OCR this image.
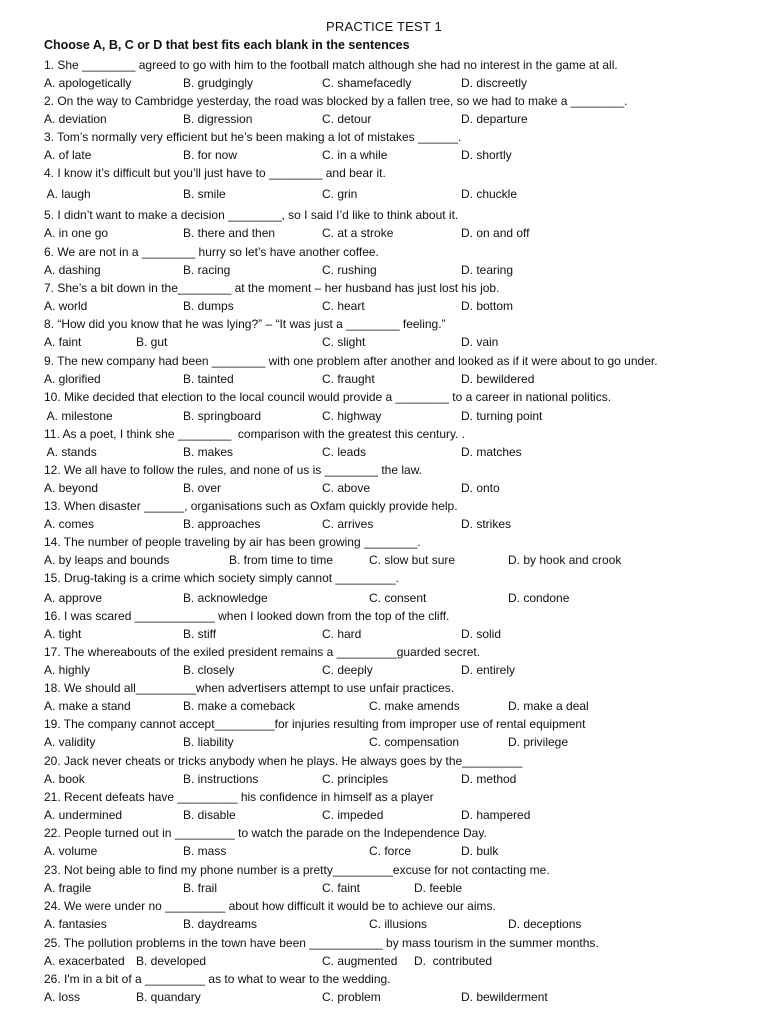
PRACTICE TEST 1
Choose A, B, C or D that best fits each blank in the sentences
1. She ________ agreed to go with him to the football match although she had no interest in the game at all.
A. apologetically	B. grudgingly	C. shamefacedly	D. discreetly
2. On the way to Cambridge yesterday, the road was blocked by a fallen tree, so we had to make a ________.
A. deviation	B. digression	C. detour	D. departure
3. Tom’s normally very efficient but he’s been making a lot of mistakes ______.
A. of late	B. for now	C. in a while	D. shortly
4. I know it’s difficult but you’ll just have to ________ and bear it.
A. laugh	B. smile	C. grin	D. chuckle
5. I didn’t want to make a decision ________, so I said I’d like to think about it.
A. in one go	B. there and then	C. at a stroke	D. on and off
6. We are not in a ________ hurry so let’s have another coffee.
A. dashing	B. racing	C. rushing	D. tearing
7. She’s a bit down in the________ at the moment – her husband has just lost his job.
A. world	B. dumps	C. heart	D. bottom
8. “How did you know that he was lying?” – “It was just a ________ feeling.”
A. faint	B. gut	C. slight	D. vain
9. The new company had been ________ with one problem after another and looked as if it were about to go under.
A. glorified	B. tainted	C. fraught	D. bewildered
10. Mike decided that election to the local council would provide a ________ to a career in national politics.
A. milestone	B. springboard	C. highway	D. turning point
11. As a poet, I think she ________  comparison with the greatest this century. .
A. stands	B. makes	C. leads	D. matches
12. We all have to follow the rules, and none of us is ________ the law.
A. beyond	B. over	C. above	D. onto
13. When disaster ______, organisations such as Oxfam quickly provide help.
A. comes	B. approaches	C. arrives	D. strikes
14. The number of people traveling by air has been growing ________.
A. by leaps and bounds	B. from time to time	C. slow but sure	D. by hook and crook
15. Drug-taking is a crime which society simply cannot _________.
A. approve	B. acknowledge	C. consent	D. condone
16. I was scared ____________ when I looked down from the top of the cliff.
A. tight	B. stiff	C. hard	D. solid
17. The whereabouts of the exiled president remains a _________guarded secret.
A. highly	B. closely	C. deeply	D. entirely
18. We should all_________when advertisers attempt to use unfair practices.
A. make a stand	B. make a comeback	C. make amends	D. make a deal
19. The company cannot accept_________for injuries resulting from improper use of rental equipment
A. validity	B. liability	C. compensation	D. privilege
20. Jack never cheats or tricks anybody when he plays. He always goes by the_________
A. book	B. instructions	C. principles	D. method
21. Recent defeats have _________ his confidence in himself as a player
A. undermined	B. disable	C. impeded	D. hampered
22. People turned out in _________ to watch the parade on the Independence Day.
A. volume	B. mass	C. force	D. bulk
23. Not being able to find my phone number is a pretty_________excuse for not contacting me.
A. fragile	B. frail	C. faint	D. feeble
24. We were under no _________ about how difficult it would be to achieve our aims.
A. fantasies	B. daydreams	C. illusions	D. deceptions
25. The pollution problems in the town have been ___________ by mass tourism in the summer months.
A. exacerbated B. developed	C. augmented D.  contributed
26. I'm in a bit of a _________ as to what to wear to the wedding.
A. loss	B. quandary	C. problem	D. bewilderment
